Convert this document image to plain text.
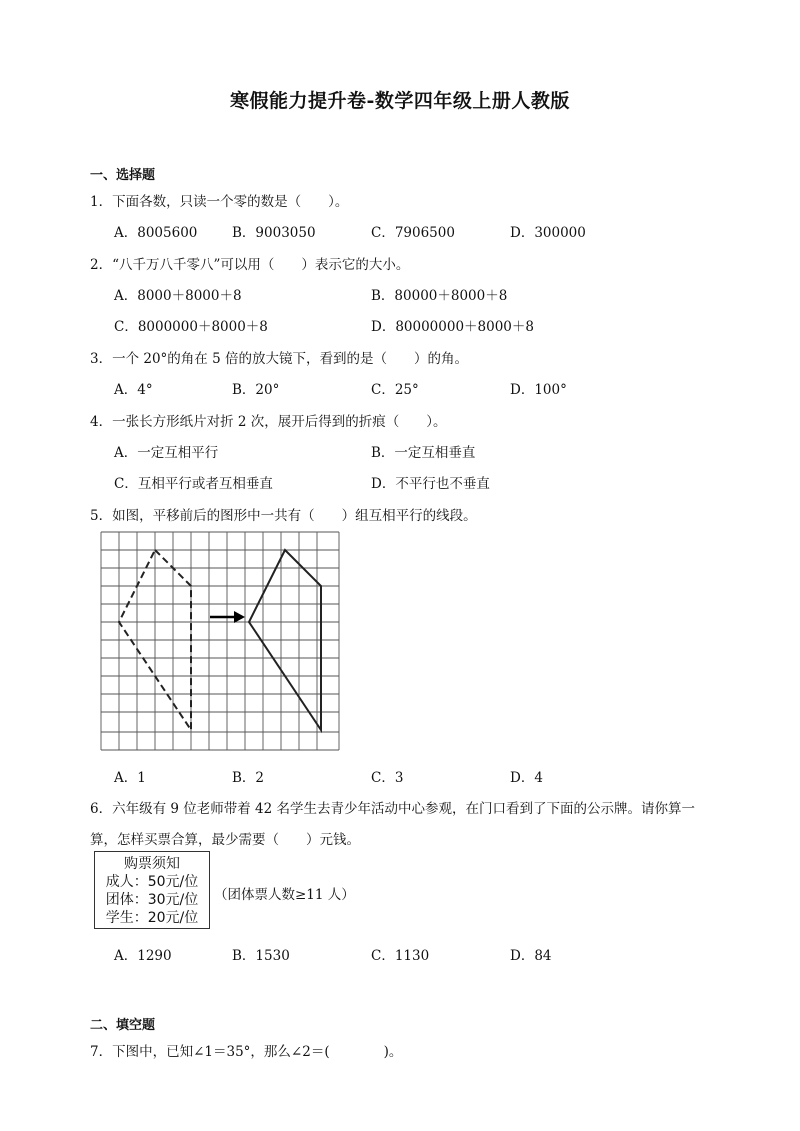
寒假能力提升卷-数学四年级上册人教版
一、选择题
1．下面各数，只读一个零的数是（　　）。
A．8005600	B．9003050	C．7906500	D．300000
2．“八千万八千零八”可以用（　　）表示它的大小。
A．8000＋8000＋8	B．80000＋8000＋8
C．8000000＋8000＋8	D．80000000＋8000＋8
3．一个 20°的角在 5 倍的放大镜下，看到的是（　　）的角。
A．4°	B．20°	C．25°	D．100°
4．一张长方形纸片对折 2 次，展开后得到的折痕（　　）。
A．一定互相平行	B．一定互相垂直
C．互相平行或者互相垂直	D．不平行也不垂直
5．如图，平移前后的图形中一共有（　　）组互相平行的线段。
A．1	B．2	C．3	D．4
6．六年级有 9 位老师带着 42 名学生去青少年活动中心参观，在门口看到了下面的公示牌。请你算一
算，怎样买票合算，最少需要（　　）元钱。
购票须知
成人：50元/位
团体：30元/位
学生：20元/位
（团体票人数≥11 人）
A．1290	B．1530	C．1130	D．84
二、填空题
7．下图中，已知∠1＝35°，那么∠2＝(　　　　)。
